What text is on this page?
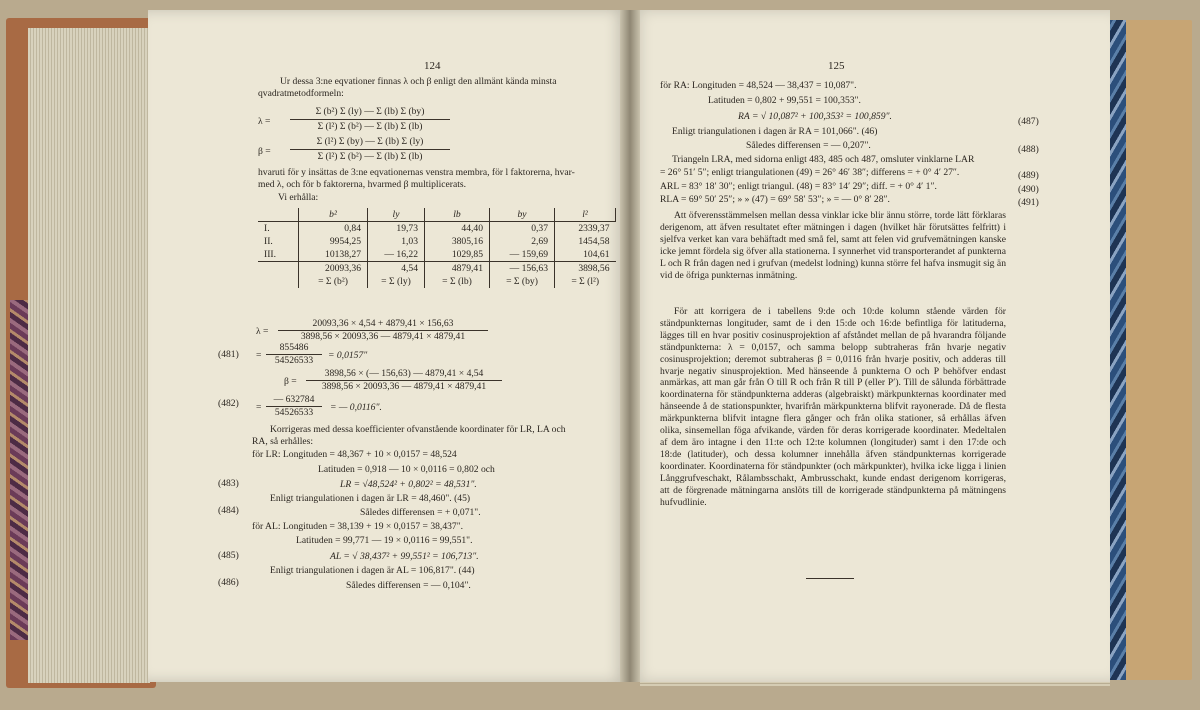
124
Ur dessa 3:ne eqvationer finnas λ och β enligt den allmänt kända minsta
qvadratmetodformeln:
λ =
Σ (b²) Σ (ly) — Σ (lb) Σ (by)
Σ (l²) Σ (b²) — Σ (lb) Σ (lb)
β =
Σ (l²) Σ (by) — Σ (lb) Σ (ly)
Σ (l²) Σ (b²) — Σ (lb) Σ (lb)
hvaruti för y insättas de 3:ne eqvationernas venstra membra, för l faktorerna, hvar-
med λ, och för b faktorerna, hvarmed β multiplicerats.
Vi erhålla:
	b²	ly	lb	by	l²
I.	0,84	19,73	44,40	0,37	2339,37
II.	9954,25	1,03	3805,16	2,69	1454,58
III.	10138,27	— 16,22	1029,85	— 159,69	104,61
	20093,36	4,54	4879,41	— 156,63	3898,56
	= Σ (b²)	= Σ (ly)	= Σ (lb)	= Σ (by)	= Σ (l²)
λ =
20093,36 × 4,54 + 4879,41 × 156,63
3898,56 × 20093,36 — 4879,41 × 4879,41
(481) =
855486
54526533	= 0,0157"
β =
3898,56 × (— 156,63) — 4879,41 × 4,54
3898,56 × 20093,36 — 4879,41 × 4879,41
(482) =
— 632784
54526533	= — 0,0116".
Korrigeras med dessa koefficienter ofvanstående koordinater för LR, LA och
RA, så erhålles:
för LR: Longituden = 48,367 + 10 × 0,0157 = 48,524
Latituden = 0,918 — 10 × 0,0116 = 0,802 och
(483)	LR = √48,524² + 0,802² = 48,531".
Enligt triangulationen i dagen är LR = 48,460". (45)
(484)	Således differensen = + 0,071".
för AL: Longituden = 38,139 + 19 × 0,0157 = 38,437".
Latituden = 99,771 — 19 × 0,0116 = 99,551".
(485)	AL = √ 38,437² + 99,551² = 106,713".
Enligt triangulationen i dagen är AL = 106,817". (44)
(486)	Således differensen = — 0,104".
125
för RA: Longituden = 48,524 — 38,437 = 10,087".
Latituden = 0,802 + 99,551 = 100,353".
RA = √ 10,087² + 100,353² = 100,859".	(487)
Enligt triangulationen i dagen är RA = 101,066". (46)
Således differensen = — 0,207".	(488)
Triangeln LRA, med sidorna enligt 483, 485 och 487, omsluter vinklarne LAR
= 26° 51′ 5″; enligt triangulationen (49) = 26° 46′ 38″; differens = + 0° 4′ 27″.	(489)
ARL = 83° 18′ 30″; enligt triangul. (48) = 83° 14′ 29″; diff. = + 0° 4′ 1″.	(490)
RLA = 69° 50′ 25″; » » (47) = 69° 58′ 53″; » = — 0° 8′ 28″.	(491)
Att öfverensstämmelsen mellan dessa vinklar icke blir ännu större, torde lätt förklaras derigenom, att äfven resultatet efter mätningen i dagen (hvilket här förutsättes felfritt) i sjelfva verket kan vara behäftadt med små fel, samt att felen vid grufvemätningen kanske icke jemnt fördela sig öfver alla stationerna. I synnerhet vid transporterandet af punkterna L och R från dagen ned i grufvan (medelst lodning) kunna större fel hafva insmugit sig än vid de öfriga punkternas inmätning.
För att korrigera de i tabellens 9:de och 10:de kolumn stående värden för ständpunkternas longituder, samt de i den 15:de och 16:de befintliga för latituderna, lägges till en hvar positiv cosinusprojektion af afståndet mellan de på hvarandra följande ständpunkterna: λ = 0,0157, och samma belopp subtraheras från hvarje negativ cosinusprojektion; deremot subtraheras β = 0,0116 från hvarje positiv, och adderas till hvarje negativ sinusprojektion. Med hänseende å punkterna O och P behöfver endast anmärkas, att man går från O till R och från R till P (eller P′). Till de sålunda förbättrade koordinaterna för ständpunkterna adderas (algebraiskt) märkpunkternas koordinater med hänseende å de stationspunkter, hvarifrån märkpunkterna blifvit rayonerade. Då de flesta märkpunkterna blifvit intagne flera gånger och från olika stationer, så erhållas äfven olika, sinsemellan föga afvikande, värden för deras korrigerade koordinater. Medeltalen af dem äro intagne i den 11:te och 12:te kolumnen (longituder) samt i den 17:de och 18:de (latituder), och dessa kolumner innehålla äfven ständpunkternas korrigerade koordinater. Koordinaterna för ständpunkter (och märkpunkter), hvilka icke ligga i linien Långgrufveschakt, Rålambsschakt, Ambrusschakt, kunde endast derigenom korrigeras, att de förgrenade mätningarna anslöts till de korrigerade ständpunkterna på mätningens hufvudlinie.
